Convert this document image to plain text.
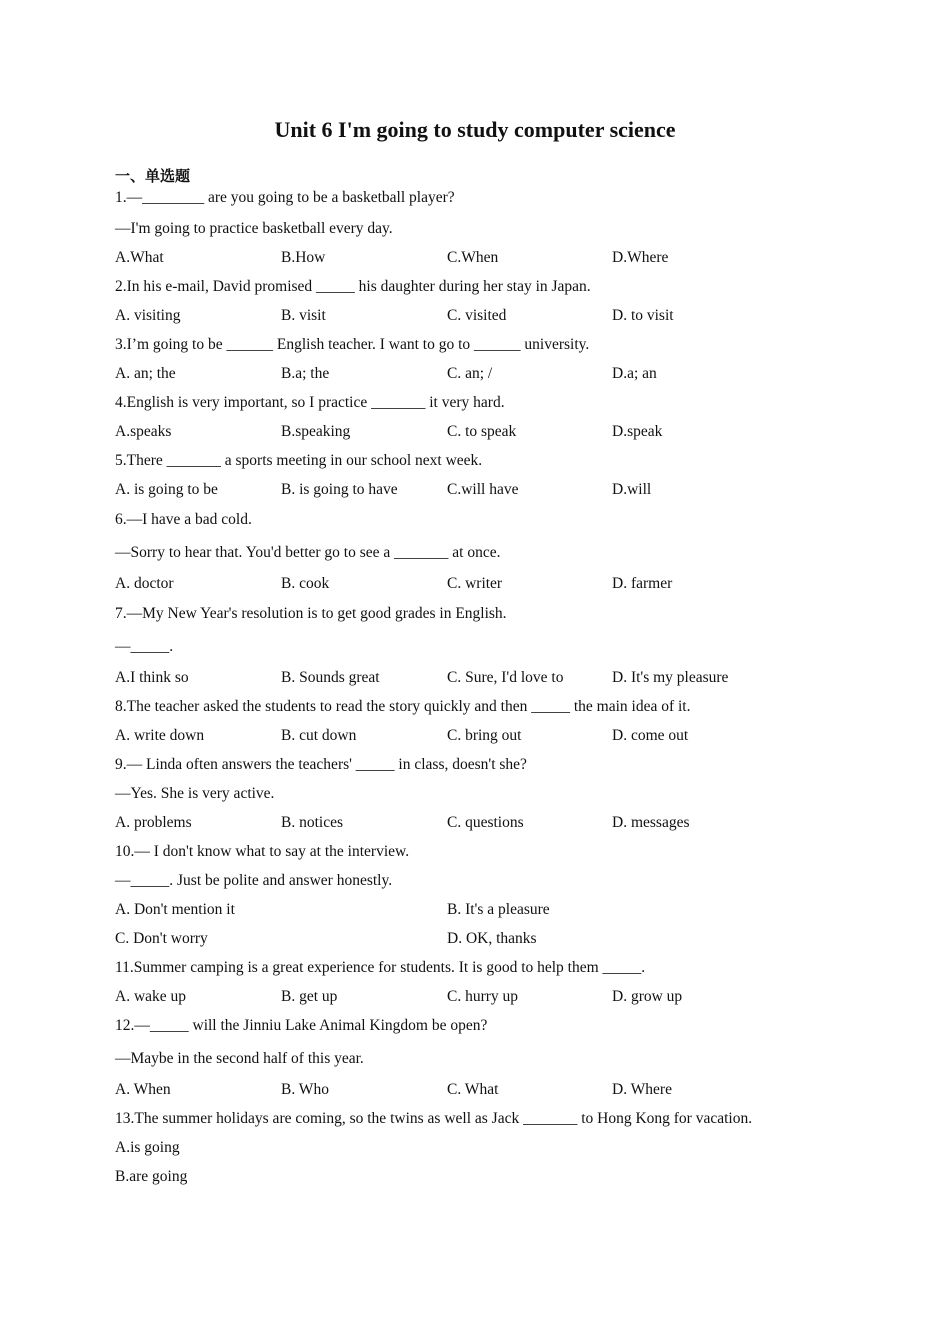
Unit 6 I'm going to study computer science
一、单选题
1.—________ are you going to be a basketball player?
—I'm going to practice basketball every day.
A.What	B.How	C.When	D.Where
2.In his e-mail, David promised _____ his daughter during her stay in Japan.
A. visiting	B. visit	C. visited	D. to visit
3.I’m going to be ______ English teacher. I want to go to ______ university.
A. an; the	B.a; the	C. an; /	D.a; an
4.English is very important, so I practice _______ it very hard.
A.speaks	B.speaking	C. to speak	D.speak
5.There _______ a sports meeting in our school next week.
A. is going to be	B. is going to have	C.will have	D.will
6.—I have a bad cold.
—Sorry to hear that. You'd better go to see a _______ at once.
A. doctor	B. cook	C. writer	D. farmer
7.—My New Year's resolution is to get good grades in English.
—_____.
A.I think so	B. Sounds great	C. Sure, I'd love to	D. It's my pleasure
8.The teacher asked the students to read the story quickly and then _____ the main idea of it.
A. write down	B. cut down	C. bring out	D. come out
9.— Linda often answers the teachers' _____ in class, doesn't she?
—Yes. She is very active.
A. problems	B. notices	C. questions	D. messages
10.— I don't know what to say at the interview.
—_____. Just be polite and answer honestly.
A. Don't mention it	B. It's a pleasure
C. Don't worry	D. OK, thanks
11.Summer camping is a great experience for students. It is good to help them _____.
A. wake up	B. get up	C. hurry up	D. grow up
12.—_____ will the Jinniu Lake Animal Kingdom be open?
—Maybe in the second half of this year.
A. When	B. Who	C. What	D. Where
13.The summer holidays are coming, so the twins as well as Jack _______ to Hong Kong for vacation.
A.is going
B.are going
